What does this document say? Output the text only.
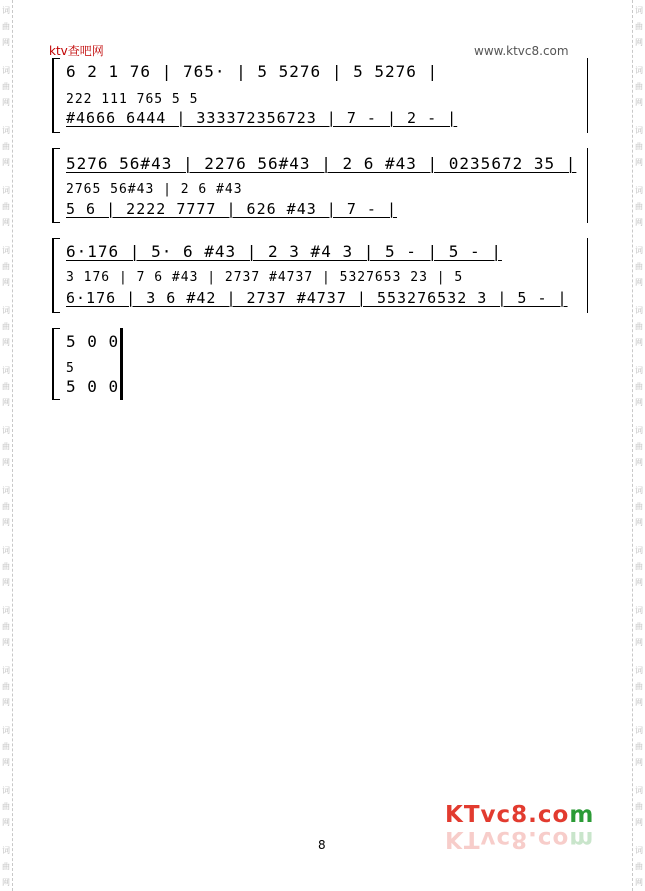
词
曲
网
词
曲
网
词
曲
网
词
曲
网
词
曲
网
词
曲
网
词
曲
网
词
曲
网
词
曲
网
词
曲
网
词
曲
网
词
曲
网
词
曲
网
词
曲
网
词
曲
网
词
曲
网
词
曲
网
词
曲
网
词
曲
网
词
曲
网
词
曲
网
词
曲
网
词
曲
网
词
曲
网
词
曲
网
词
曲
网
词
曲
网
词
曲
网
词
曲
网
词
曲
网
ktv查吧网	www.ktvc8.com
6 2 1 76 | 765· | 5 5276 | 5 5276 |
222 111 765 5 5
#4666 6444 | 333372356723 | 7 - | 2 - |
5276 56#43 | 2276 56#43 | 2 6 #43 | 0235672 35 |
2765 56#43 | 2 6 #43
5 6 | 2222 7777 | 626 #43 | 7 - |
6·176 | 5· 6 #43 | 2 3 #4 3 | 5 - | 5 - |
3 176 | 7 6 #43 | 2737 #4737 | 5327653 23 | 5
6·176 | 3 6 #42 | 2737 #4737 | 553276532 3 | 5 - |
5 0 0
5
5 0 0
8
KTvc8.com
KTvc8.com
